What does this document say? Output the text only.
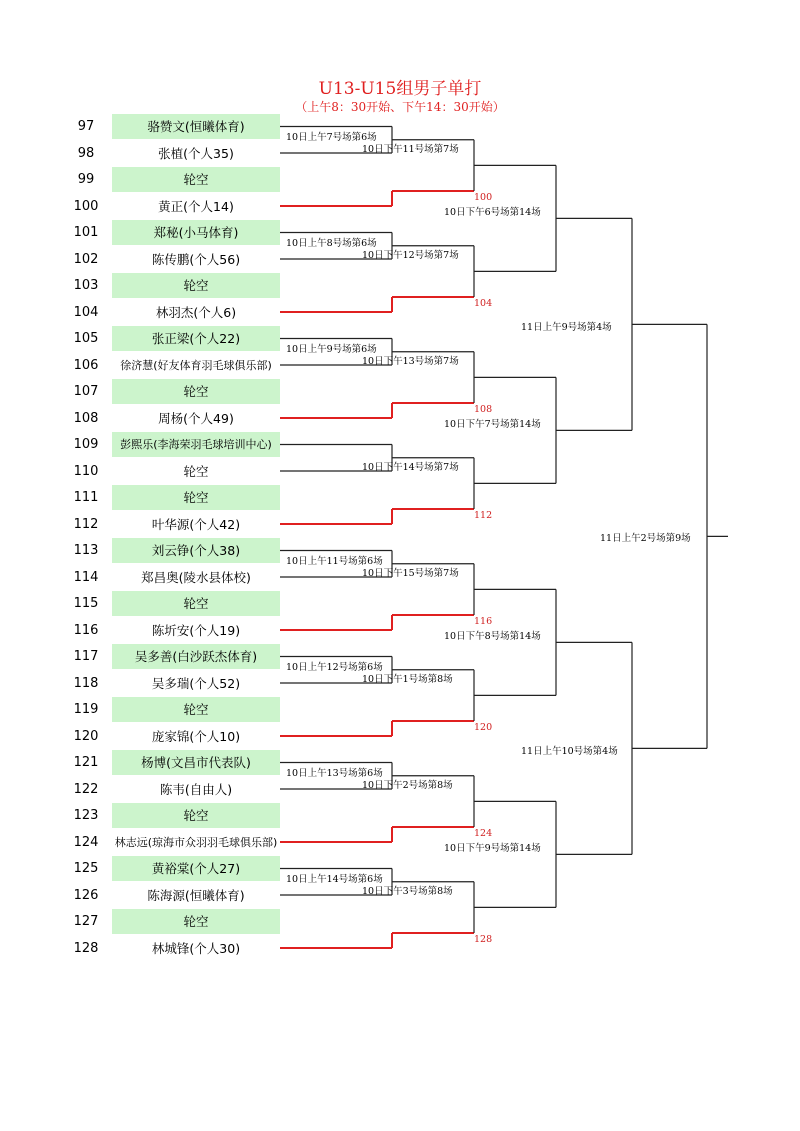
U13-U15组男子单打
（上午8：30开始、下午14：30开始）
97	骆赞文(恒曦体育)
98	张植(个人35)
99	轮空
100	黄正(个人14)
101	郑秘(小马体育)
102	陈传鹏(个人56)
103	轮空
104	林羽杰(个人6)
105	张正梁(个人22)
106	徐济慧(好友体育羽毛球俱乐部)
107	轮空
108	周杨(个人49)
109	彭熙乐(李海荣羽毛球培训中心)
110	轮空
111	轮空
112	叶华源(个人42)
113	刘云铮(个人38)
114	郑昌奥(陵水县体校)
115	轮空
116	陈圻安(个人19)
117	吴多善(白沙跃杰体育)
118	吴多瑞(个人52)
119	轮空
120	庞家锦(个人10)
121	杨博(文昌市代表队)
122	陈韦(自由人)
123	轮空
124	林志远(琼海市众羽羽毛球俱乐部)
125	黄裕棠(个人27)
126	陈海源(恒曦体育)
127	轮空
128	林城锋(个人30)
10日上午7号场第6场
10日下午11号场第7场
100
10日上午8号场第6场
10日下午12号场第7场
104
10日上午9号场第6场
10日下午13号场第7场
108
10日下午14号场第7场
112
10日上午11号场第6场
10日下午15号场第7场
116
10日上午12号场第6场
10日下午1号场第8场
120
10日上午13号场第6场
10日下午2号场第8场
124
10日上午14号场第6场
10日下午3号场第8场
128
10日下午6号场第14场
10日下午7号场第14场
10日下午8号场第14场
10日下午9号场第14场
11日上午9号场第4场
11日上午10号场第4场
11日上午2号场第9场
